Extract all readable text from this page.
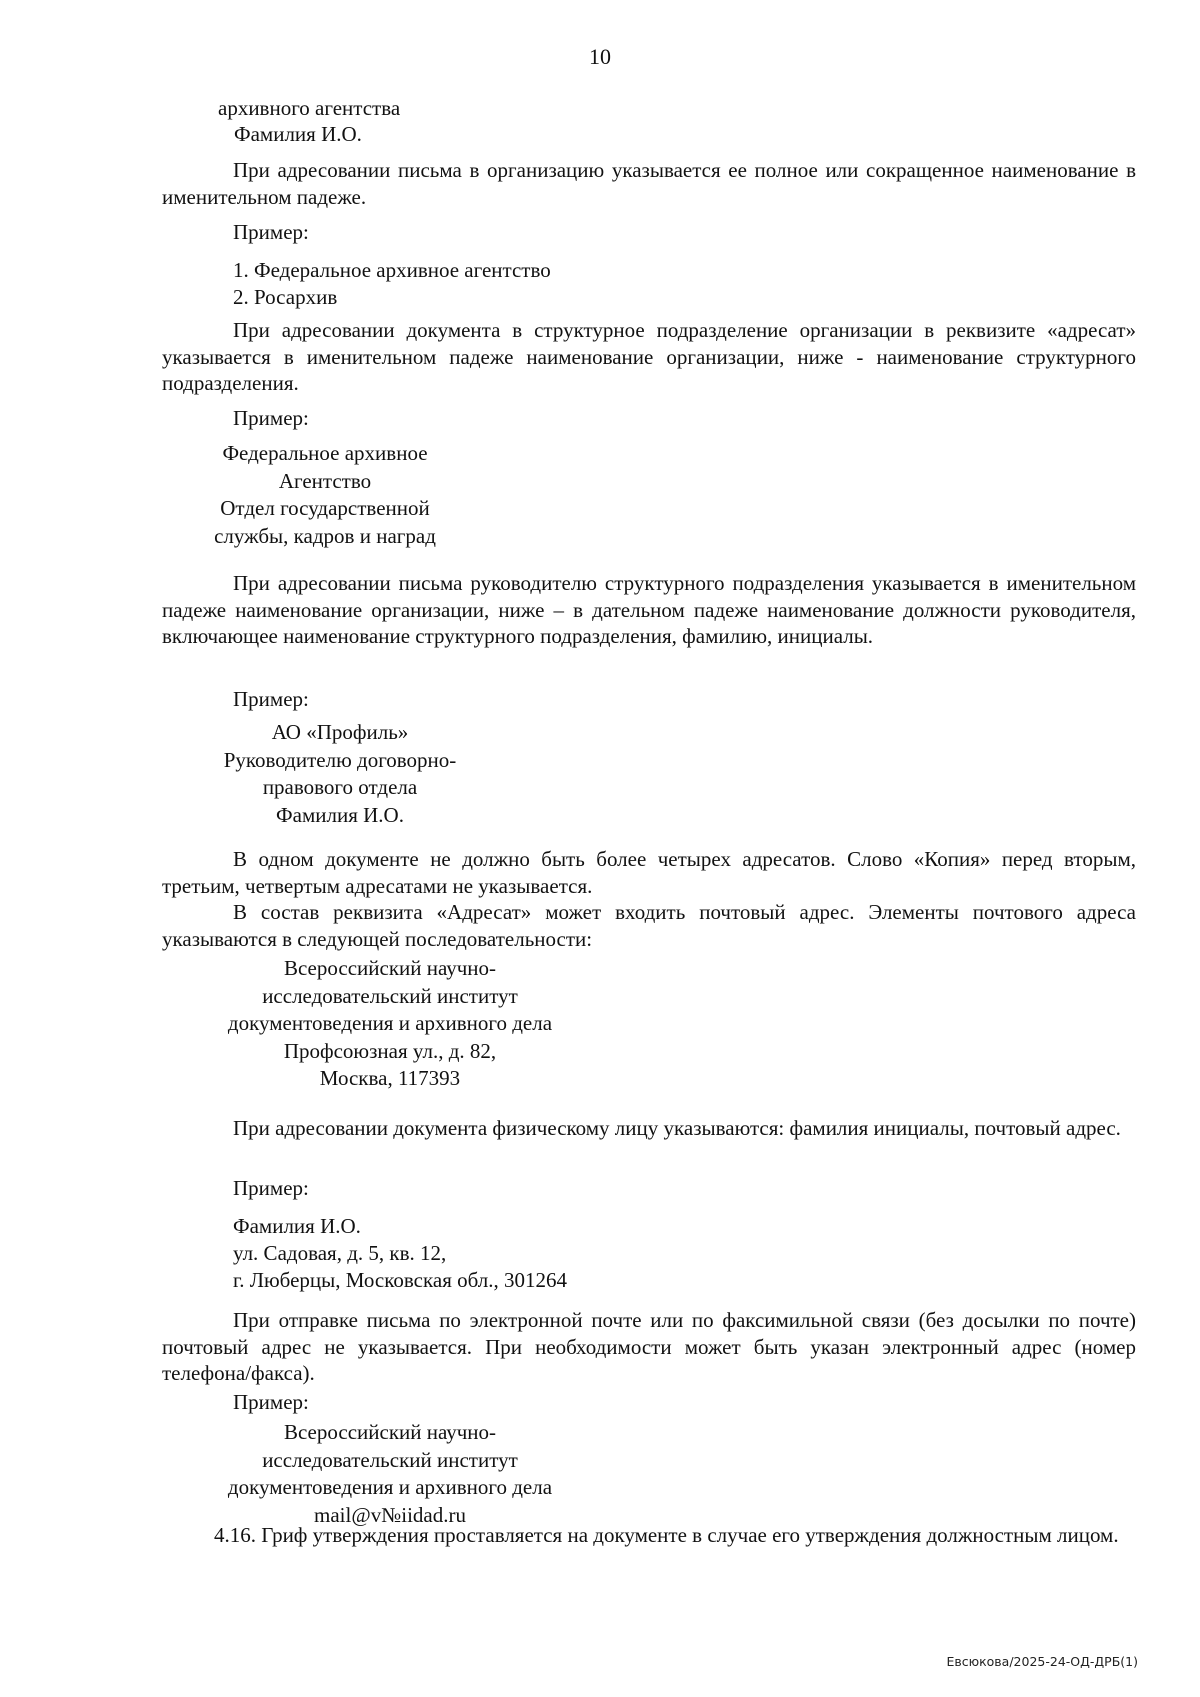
10
архивного агентства
Фамилия И.О.
При адресовании письма в организацию указывается ее полное или сокращенное наименование в именительном падеже.
Пример:
1. Федеральное архивное агентство
2. Росархив
При адресовании документа в структурное подразделение организации в реквизите «адресат» указывается в именительном падеже наименование организации, ниже - наименование структурного подразделения.
Пример:
Федеральное архивное
Агентство
Отдел государственной
службы, кадров и наград
При адресовании письма руководителю структурного подразделения указывается в именительном падеже наименование организации, ниже – в дательном падеже наименование должности руководителя, включающее наименование структурного подразделения, фамилию, инициалы.
Пример:
АО «Профиль»
Руководителю договорно-
правового отдела
Фамилия И.О.
В одном документе не должно быть более четырех адресатов. Слово «Копия» перед вторым, третьим, четвертым адресатами не указывается.
В состав реквизита «Адресат» может входить почтовый адрес. Элементы почтового адреса указываются в следующей последовательности:
Всероссийский научно-
исследовательский институт
документоведения и архивного дела
Профсоюзная ул., д. 82,
Москва, 117393
При адресовании документа физическому лицу указываются: фамилия инициалы, почтовый адрес.
Пример:
Фамилия И.О.
ул. Садовая, д. 5, кв. 12,
г. Люберцы, Московская обл., 301264
При отправке письма по электронной почте или по факсимильной связи (без досылки по почте) почтовый адрес не указывается. При необходимости может быть указан электронный адрес (номер телефона/факса).
Пример:
Всероссийский научно-
исследовательский институт
документоведения и архивного дела
mail@v№iidad.ru
4.16. Гриф утверждения проставляется на документе в случае его утверждения должностным лицом.
Евсюкова/2025-24-ОД-ДРБ(1)
